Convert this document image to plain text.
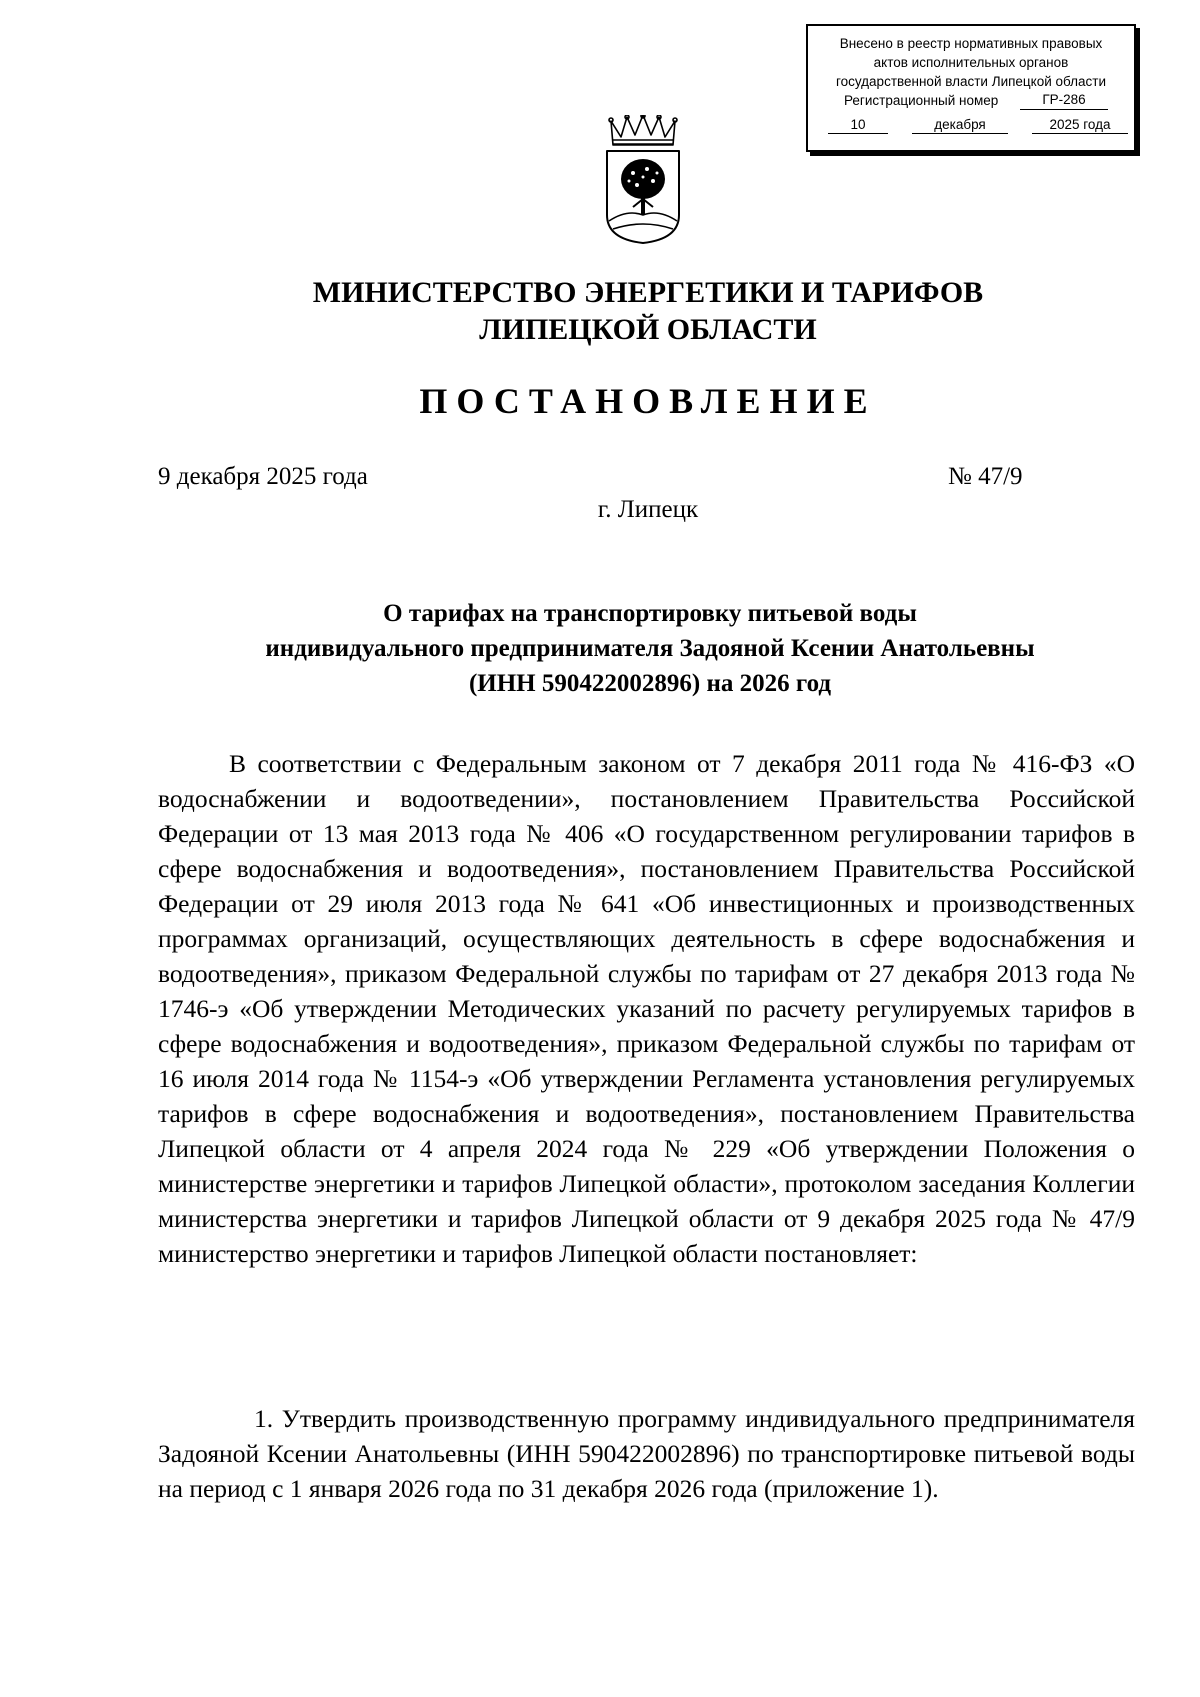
Внесено в реестр нормативных правовых
актов исполнительных органов
государственной власти Липецкой области
Регистрационный номер	ГР-286
10	декабря	2025 года
МИНИСТЕРСТВО ЭНЕРГЕТИКИ И ТАРИФОВ
ЛИПЕЦКОЙ ОБЛАСТИ
ПОСТАНОВЛЕНИЕ
9 декабря 2025 года	№ 47/9
г. Липецк
О тарифах на транспортировку питьевой воды
индивидуального предпринимателя Задояной Ксении Анатольевны
(ИНН 590422002896) на 2026 год

В соответствии с Федеральным законом от 7 декабря 2011 года № 416-ФЗ «О водоснабжении и водоотведении», постановлением Правительства Российской Федерации от 13 мая 2013 года № 406 «О государственном регулировании тарифов в сфере водоснабжения и водоотведения», постановлением Правительства Российской Федерации от 29 июля 2013 года № 641 «Об инвестиционных и производственных программах организаций, осуществляющих деятельность в сфере водоснабжения и водоотведения», приказом Федеральной службы по тарифам от 27 декабря 2013 года № 1746-э «Об утверждении Методических указаний по расчету регулируемых тарифов в сфере водоснабжения и водоотведения», приказом Федеральной службы по тарифам от 16 июля 2014 года № 1154-э «Об утверждении Регламента установления регулируемых тарифов в сфере водоснабжения и водоотведения», постановлением Правительства Липецкой области от 4 апреля 2024 года № 229 «Об утверждении Положения о министерстве энергетики и тарифов Липецкой области», протоколом заседания Коллегии министерства энергетики и тарифов Липецкой области от 9 декабря 2025 года № 47/9 министерство энергетики и тарифов Липецкой области постановляет:

1. Утвердить производственную программу индивидуального предпринимателя Задояной Ксении Анатольевны (ИНН 590422002896) по транспортировке питьевой воды на период с 1 января 2026 года по 31 декабря 2026 года (приложение 1).
